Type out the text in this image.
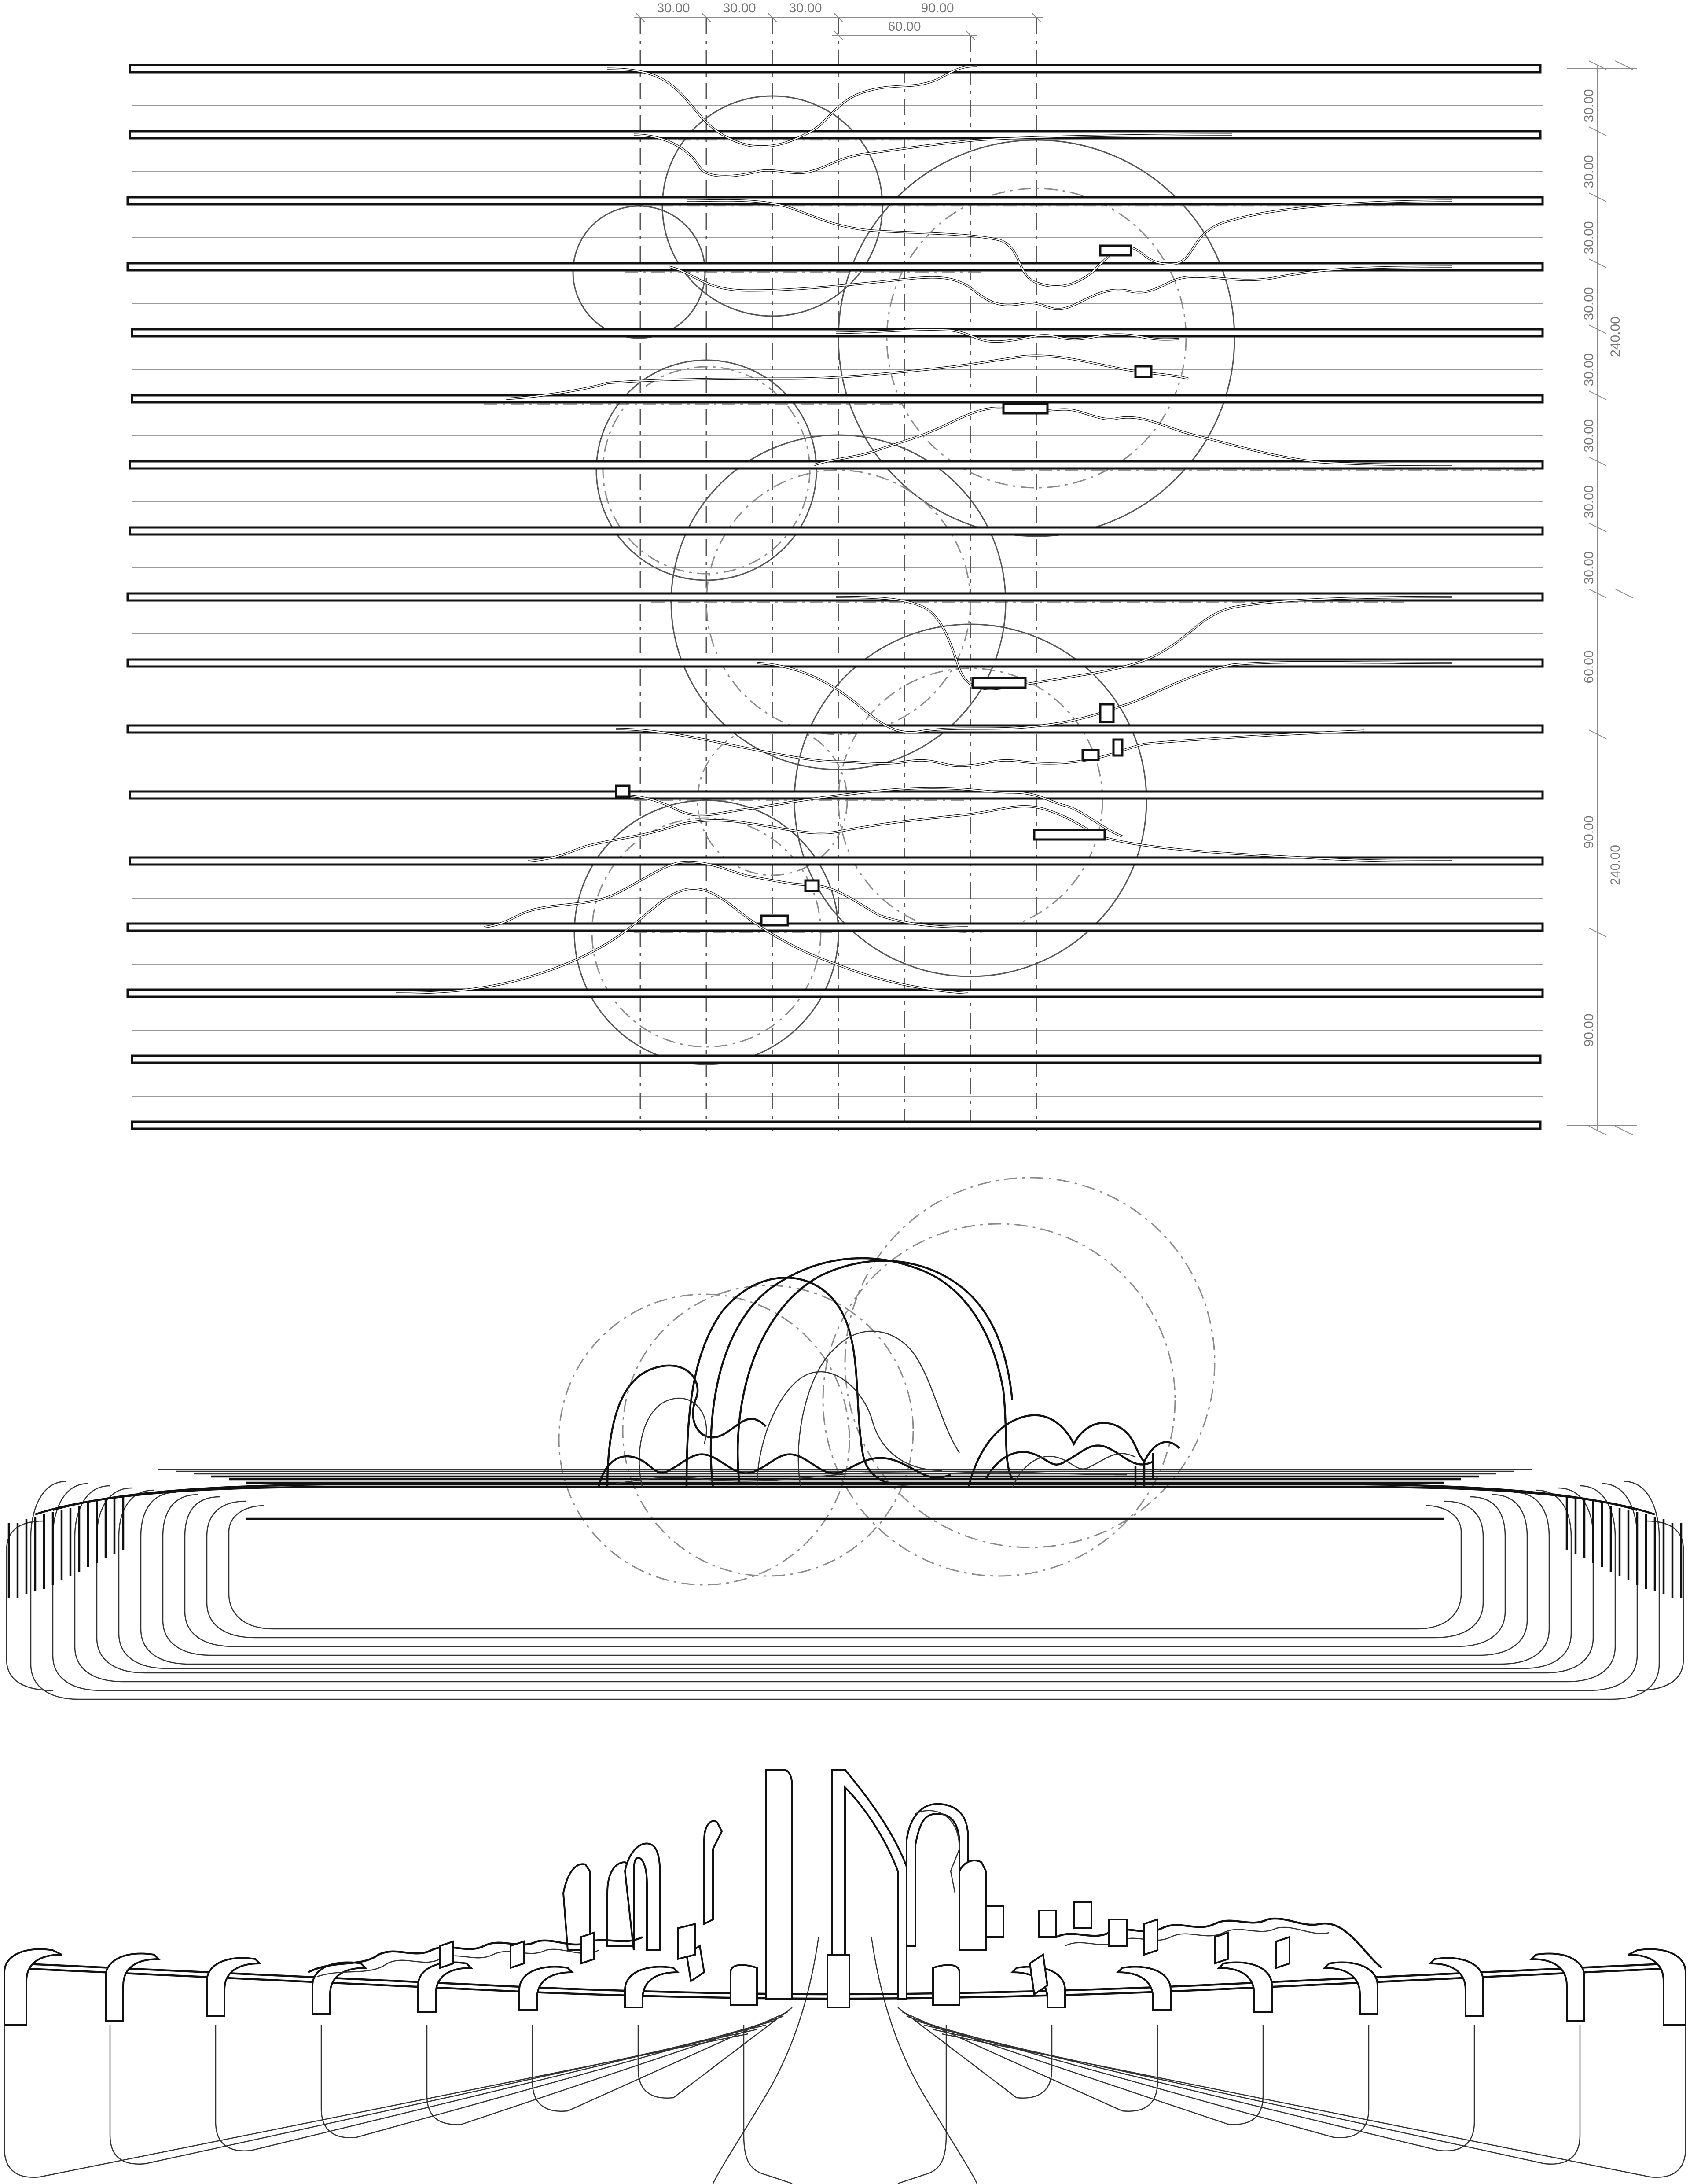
30.00 30.00 30.00	90.00
60.00
30.00
30.00
30.00
30.00
30.00
30.00
30.00
30.00
60.00
90.00
90.00
240.00
240.00
